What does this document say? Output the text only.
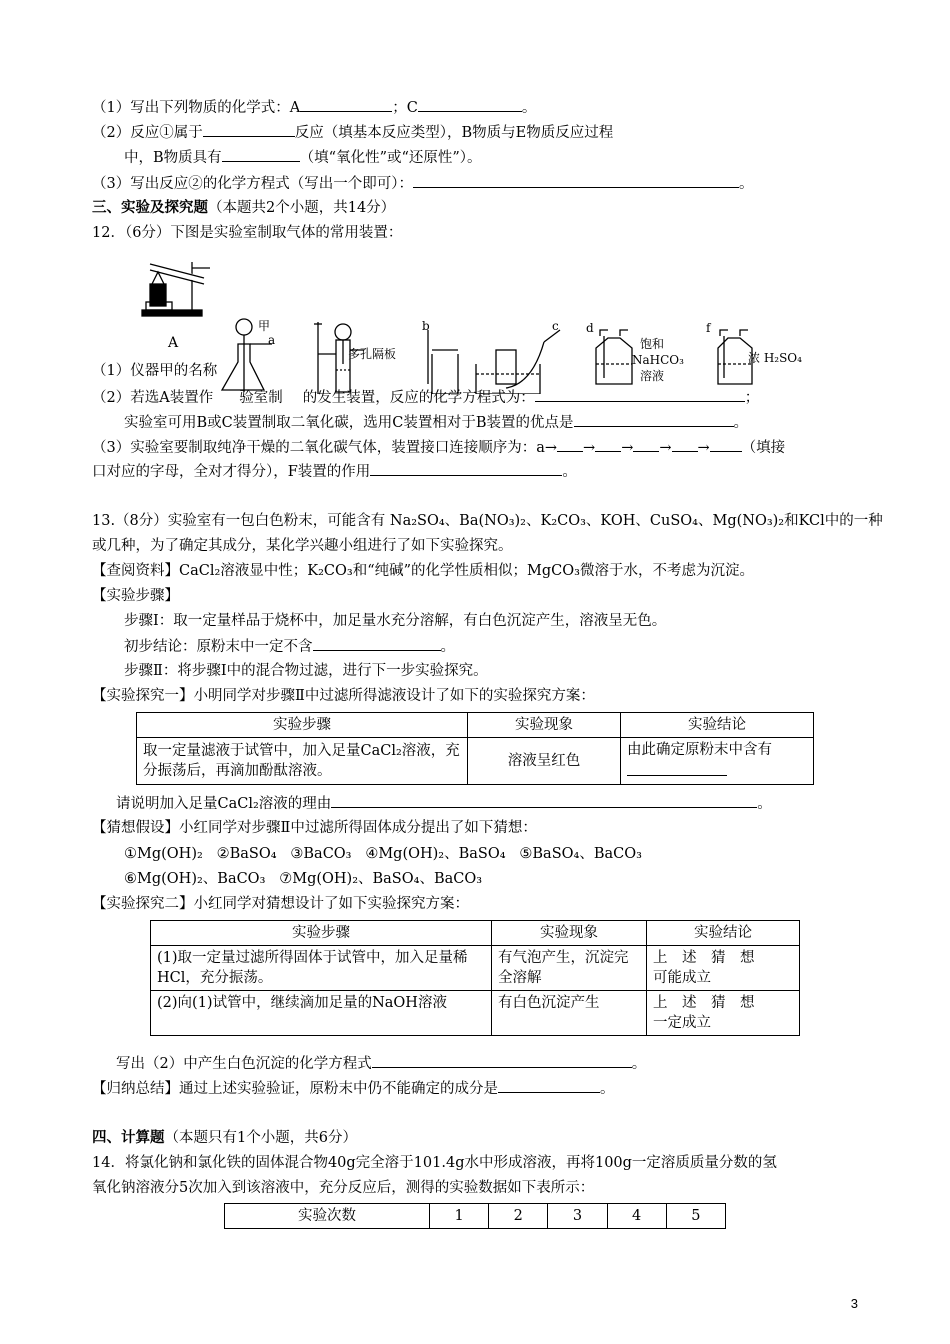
（1）写出下列物质的化学式：A	；C	。
（2）反应①属于	反应（填基本反应类型），B物质与E物质反应过程
中，B物质具有	（填“氧化性”或“还原性”）。
（3）写出反应②的化学方程式（写出一个即可）：	。
三、实验及探究题（本题共2个小题，共14分）
12．（6分）下图是实验室制取气体的常用装置：
A
甲
a
多孔隔板
b	c d
饱和
NaHCO₃
溶液
f
浓 H₂SO₄
（1）仪器甲的名称
（2）若选A装置作 验室制 的发生装置，反应的化学方程式为：	；
实验室可用B或C装置制取二氧化碳，选用C装置相对于B装置的优点是	。
（3）实验室要制取纯净干燥的二氧化碳气体，装置接口连接顺序为：a→ → → → → （填接
口对应的字母，全对才得分），F装置的作用	。
13.（8分）实验室有一包白色粉末，可能含有 Na₂SO₄、Ba(NO₃)₂、K₂CO₃、KOH、CuSO₄、Mg(NO₃)₂和KCl中的一种
或几种，为了确定其成分，某化学兴趣小组进行了如下实验探究。
【查阅资料】CaCl₂溶液显中性；K₂CO₃和“纯碱”的化学性质相似；MgCO₃微溶于水，不考虑为沉淀。
【实验步骤】
步骤Ⅰ：取一定量样品于烧杯中，加足量水充分溶解，有白色沉淀产生，溶液呈无色。
初步结论：原粉末中一定不含	。
步骤Ⅱ：将步骤Ⅰ中的混合物过滤，进行下一步实验探究。
【实验探究一】小明同学对步骤Ⅱ中过滤所得滤液设计了如下的实验探究方案：
实验步骤	实验现象	实验结论
取一定量滤液于试管中，加入足量CaCl₂溶液，充分振荡后，再滴加酚酞溶液。	溶液呈红色	由此确定原粉末中含有
请说明加入足量CaCl₂溶液的理由	。
【猜想假设】小红同学对步骤Ⅱ中过滤所得固体成分提出了如下猜想：
①Mg(OH)₂ ②BaSO₄ ③BaCO₃ ④Mg(OH)₂、BaSO₄ ⑤BaSO₄、BaCO₃
⑥Mg(OH)₂、BaCO₃ ⑦Mg(OH)₂、BaSO₄、BaCO₃
【实验探究二】小红同学对猜想设计了如下实验探究方案：
实验步骤	实验现象	实验结论
(1)取一定量过滤所得固体于试管中，加入足量稀HCl，充分振荡。	有气泡产生，沉淀完全溶解	上　述　猜　想
可能成立

(2)向(1)试管中，继续滴加足量的NaOH溶液	有白色沉淀产生	上　述　猜　想
一定成立
写出（2）中产生白色沉淀的化学方程式	。
【归纳总结】通过上述实验验证，原粉末中仍不能确定的成分是	。
四、计算题（本题只有1个小题，共6分）
14．将氯化钠和氯化铁的固体混合物40g完全溶于101.4g水中形成溶液，再将100g一定溶质质量分数的氢
氧化钠溶液分5次加入到该溶液中，充分反应后，测得的实验数据如下表所示：
实验次数	1	2	3	4	5
3
